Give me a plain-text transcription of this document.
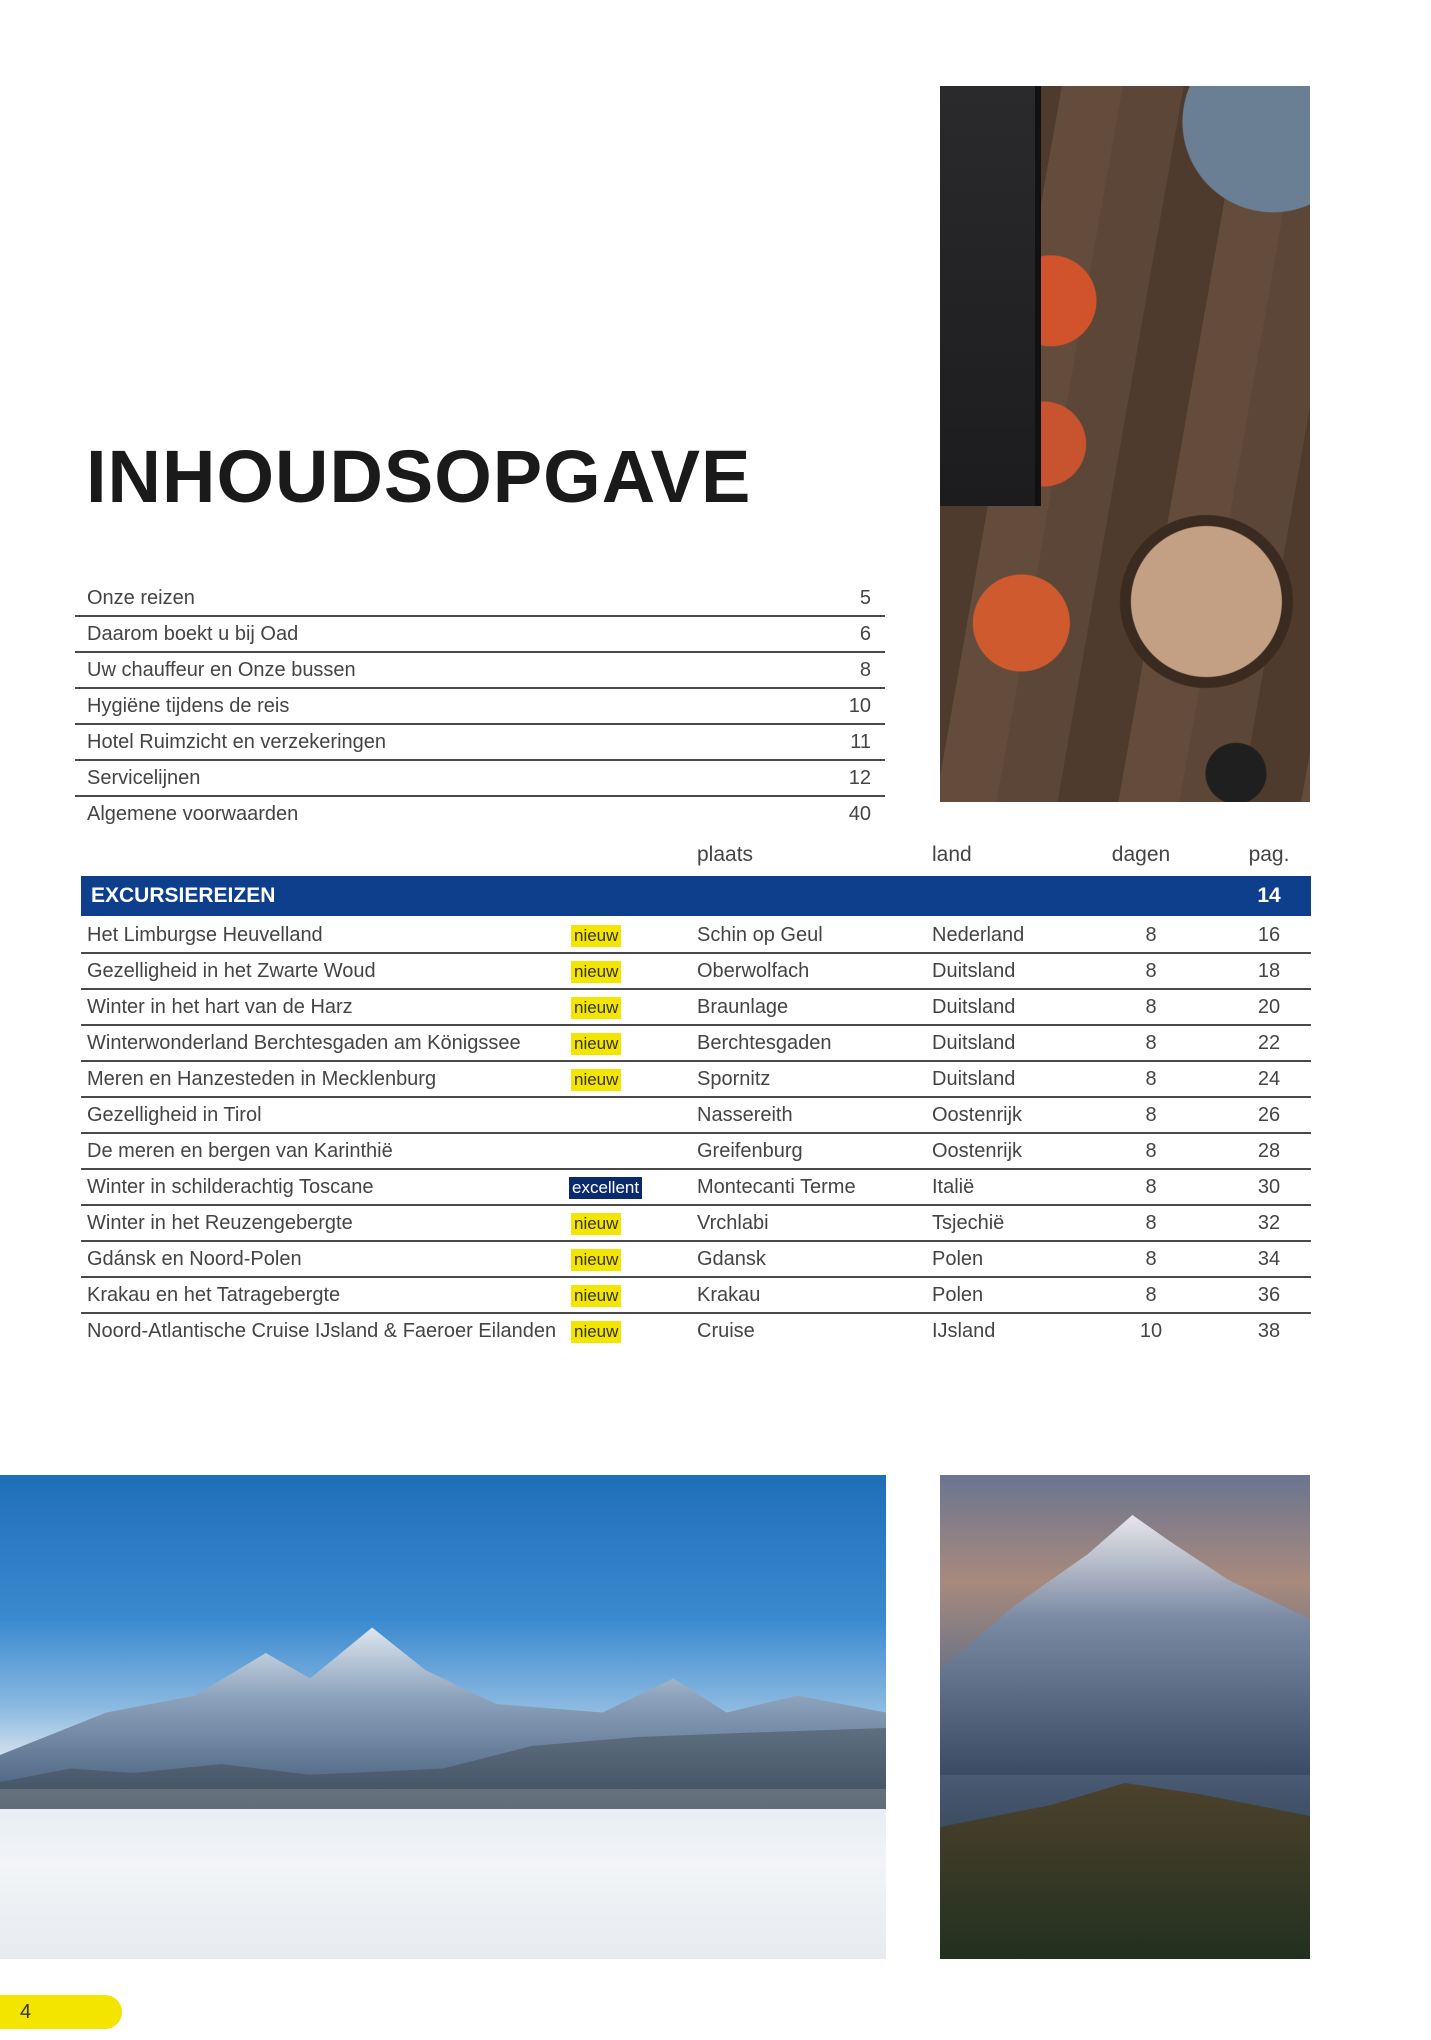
INHOUDSOPGAVE
Onze reizen	5
Daarom boekt u bij Oad	6
Uw chauffeur en Onze bussen	8
Hygiëne tijdens de reis	10
Hotel Ruimzicht en verzekeringen	11
Servicelijnen	12
Algemene voorwaarden	40
plaats	land	dagen	pag.
EXCURSIEREIZEN	14
Het Limburgse Heuvelland	nieuw	Schin op Geul	Nederland	8	16
Gezelligheid in het Zwarte Woud	nieuw	Oberwolfach	Duitsland	8	18
Winter in het hart van de Harz	nieuw	Braunlage	Duitsland	8	20
Winterwonderland Berchtesgaden am Königssee	nieuw	Berchtesgaden	Duitsland	8	22
Meren en Hanzesteden in Mecklenburg	nieuw	Spornitz	Duitsland	8	24
Gezelligheid in Tirol	Nassereith	Oostenrijk	8	26
De meren en bergen van Karinthië	Greifenburg	Oostenrijk	8	28
Winter in schilderachtig Toscane	excellent	Montecanti Terme	Italië	8	30
Winter in het Reuzengebergte	nieuw	Vrchlabi	Tsjechië	8	32
Gdánsk en Noord-Polen	nieuw	Gdansk	Polen	8	34
Krakau en het Tatragebergte	nieuw	Krakau	Polen	8	36
Noord-Atlantische Cruise IJsland & Faeroer Eilanden nieuw	Cruise	IJsland	10	38
4
